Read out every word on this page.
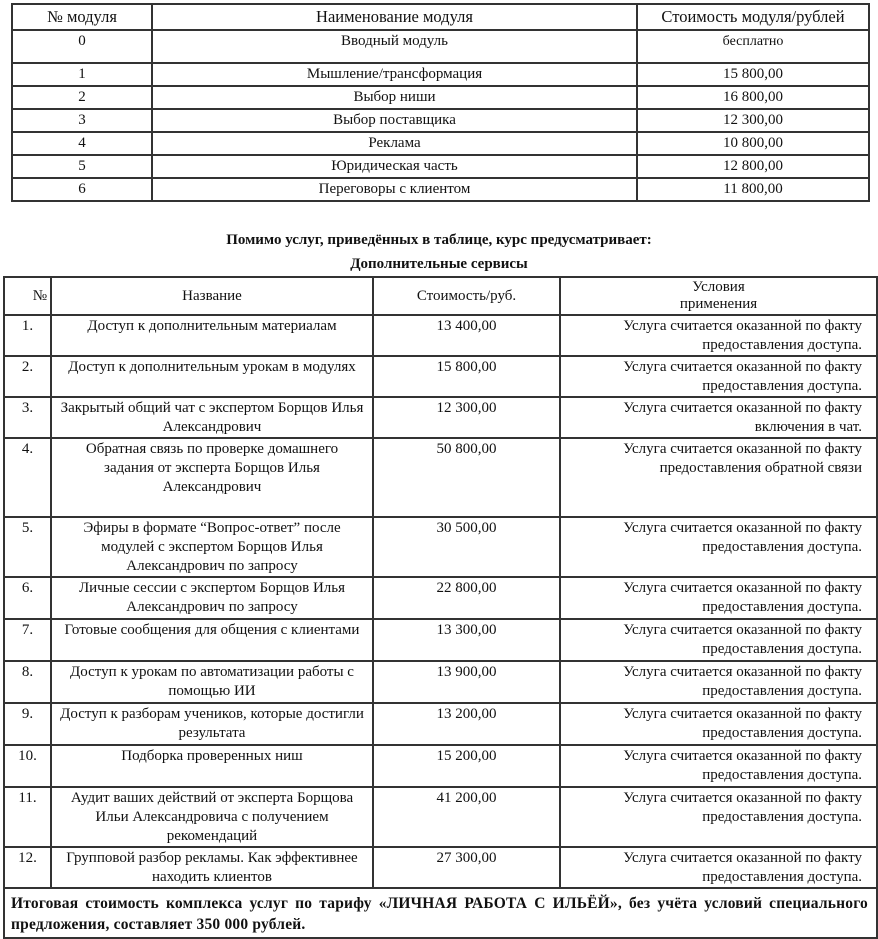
№ модуля	Наименование модуля	Стоимость модуля/рублей
0	Вводный модуль	бесплатно
1	Мышление/трансформация	15 800,00
2	Выбор ниши	16 800,00
3	Выбор поставщика	12 300,00
4	Реклама	10 800,00
5	Юридическая часть	12 800,00
6	Переговоры с клиентом	11 800,00
Помимо услуг, приведённых в таблице, курс предусматривает:
Дополнительные сервисы
№	Название	Стоимость/руб.	Условия
применения

1.	Доступ к дополнительным материалам	13 400,00	Услуга считается оказанной по факту предоставления доступа.
2.	Доступ к дополнительным урокам в модулях	15 800,00	Услуга считается оказанной по факту предоставления доступа.
3.	Закрытый общий чат с экспертом Борщов Илья Александрович	12 300,00	Услуга считается оказанной по факту включения в чат.
4.	Обратная связь по проверке домашнего задания от эксперта Борщов Илья Александрович	50 800,00	Услуга считается оказанной по факту предоставления обратной связи
5.	Эфиры в формате “Вопрос-ответ” после модулей с экспертом Борщов Илья Александрович по запросу	30 500,00	Услуга считается оказанной по факту предоставления доступа.
6.	Личные сессии с экспертом Борщов Илья Александрович по запросу	22 800,00	Услуга считается оказанной по факту предоставления доступа.
7.	Готовые сообщения для общения с клиентами	13 300,00	Услуга считается оказанной по факту предоставления доступа.
8.	Доступ к урокам по автоматизации работы с помощью ИИ	13 900,00	Услуга считается оказанной по факту предоставления доступа.
9.	Доступ к разборам учеников, которые достигли результата	13 200,00	Услуга считается оказанной по факту предоставления доступа.
10.	Подборка проверенных ниш	15 200,00	Услуга считается оказанной по факту предоставления доступа.
11.	Аудит ваших действий от эксперта Борщова Ильи Александровича с получением рекомендаций	41 200,00	Услуга считается оказанной по факту предоставления доступа.
12.	Групповой разбор рекламы. Как эффективнее находить клиентов	27 300,00	Услуга считается оказанной по факту предоставления доступа.
Итоговая стоимость комплекса услуг по тарифу «ЛИЧНАЯ РАБОТА С ИЛЬЁЙ», без учёта условий специального предложения, составляет 350 000 рублей.			
